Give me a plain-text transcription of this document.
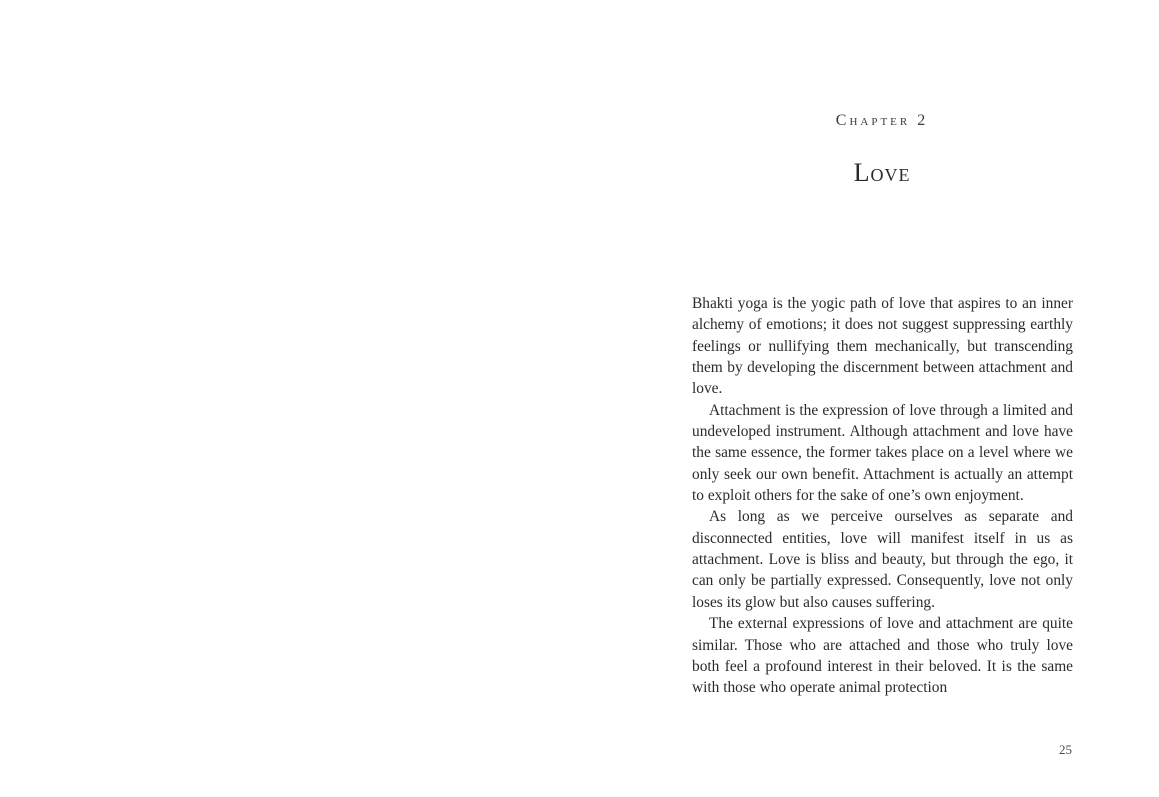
Chapter 2
Love

Bhakti yoga is the yogic path of love that aspires to an inner alchemy of emotions; it does not suggest suppressing earthly feelings or nullifying them mechanically, but transcending them by developing the discernment between attachment and love.

Attachment is the expression of love through a limited and undeveloped instrument. Although attachment and love have the same essence, the former takes place on a level where we only seek our own benefit. Attachment is actually an attempt to exploit others for the sake of one’s own enjoyment.

As long as we perceive ourselves as separate and disconnected entities, love will manifest itself in us as attachment. Love is bliss and beauty, but through the ego, it can only be partially expressed. Consequently, love not only loses its glow but also causes suffering.

The external expressions of love and attachment are quite similar. Those who are attached and those who truly love both feel a profound interest in their beloved. It is the same with those who operate animal protection

25
